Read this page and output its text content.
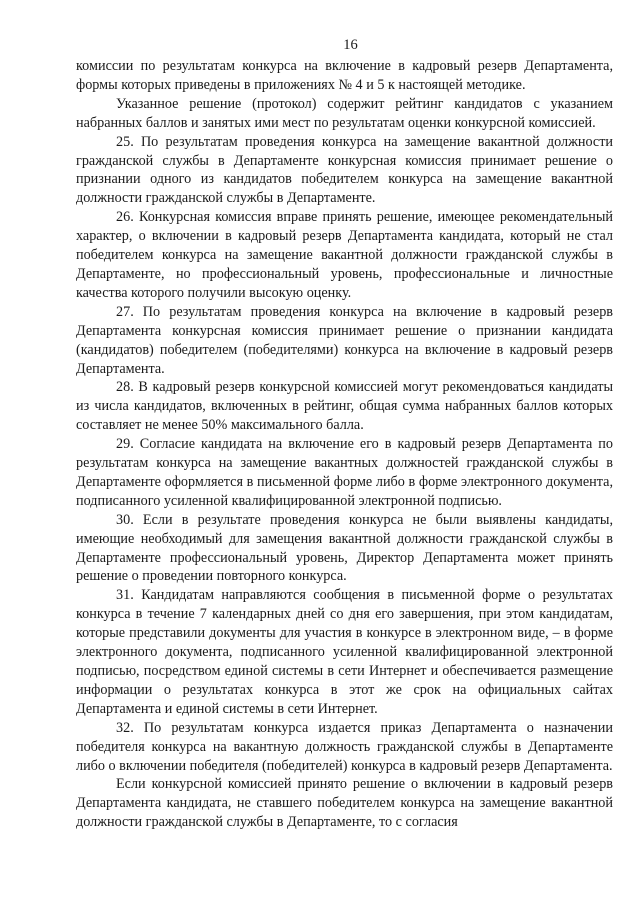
16

комиссии по результатам конкурса на включение в кадровый резерв Департамента, формы которых приведены в приложениях № 4 и 5 к настоящей методике.

Указанное решение (протокол) содержит рейтинг кандидатов с указанием набранных баллов и занятых ими мест по результатам оценки конкурсной комиссией.

25. По результатам проведения конкурса на замещение вакантной должности гражданской службы в Департаменте конкурсная комиссия принимает решение о признании одного из кандидатов победителем конкурса на замещение вакантной должности гражданской службы в Департаменте.

26. Конкурсная комиссия вправе принять решение, имеющее рекомендательный характер, о включении в кадровый резерв Департамента кандидата, который не стал победителем конкурса на замещение вакантной должности гражданской службы в Департаменте, но профессиональный уровень, профессиональные и личностные качества которого получили высокую оценку.

27. По результатам проведения конкурса на включение в кадровый резерв Департамента конкурсная комиссия принимает решение о признании кандидата (кандидатов) победителем (победителями) конкурса на включение в кадровый резерв Департамента.

28. В кадровый резерв конкурсной комиссией могут рекомендоваться кандидаты из числа кандидатов, включенных в рейтинг, общая сумма набранных баллов которых составляет не менее 50% максимального балла.

29. Согласие кандидата на включение его в кадровый резерв Департамента по результатам конкурса на замещение вакантных должностей гражданской службы в Департаменте оформляется в письменной форме либо в форме электронного документа, подписанного усиленной квалифицированной электронной подписью.

30. Если в результате проведения конкурса не были выявлены кандидаты, имеющие необходимый для замещения вакантной должности гражданской службы в Департаменте профессиональный уровень, Директор Департамента может принять решение о проведении повторного конкурса.

31. Кандидатам направляются сообщения в письменной форме о результатах конкурса в течение 7 календарных дней со дня его завершения, при этом кандидатам, которые представили документы для участия в конкурсе в электронном виде, – в форме электронного документа, подписанного усиленной квалифицированной электронной подписью, посредством единой системы в сети Интернет и обеспечивается размещение информации о результатах конкурса в этот же срок на официальных сайтах Департамента и единой системы в сети Интернет.

32. По результатам конкурса издается приказ Департамента о назначении победителя конкурса на вакантную должность гражданской службы в Департаменте либо о включении победителя (победителей) конкурса в кадровый резерв Департамента.

Если конкурсной комиссией принято решение о включении в кадровый резерв Департамента кандидата, не ставшего победителем конкурса на замещение вакантной должности гражданской службы в Департаменте, то с согласия
